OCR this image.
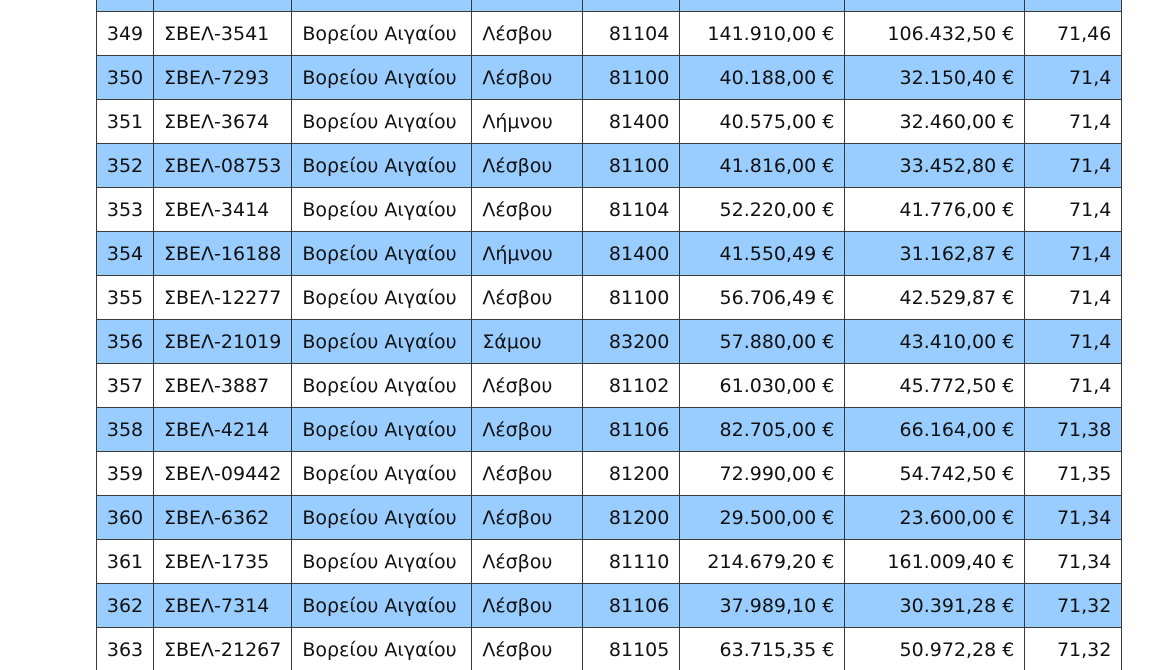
349	ΣΒΕΛ-3541	Βορείου Αιγαίου	Λέσβου	81104	141.910,00 €	106.432,50 €	71,46
350	ΣΒΕΛ-7293	Βορείου Αιγαίου	Λέσβου	81100	40.188,00 €	32.150,40 €	71,4
351	ΣΒΕΛ-3674	Βορείου Αιγαίου	Λήμνου	81400	40.575,00 €	32.460,00 €	71,4
352	ΣΒΕΛ-08753	Βορείου Αιγαίου	Λέσβου	81100	41.816,00 €	33.452,80 €	71,4
353	ΣΒΕΛ-3414	Βορείου Αιγαίου	Λέσβου	81104	52.220,00 €	41.776,00 €	71,4
354	ΣΒΕΛ-16188	Βορείου Αιγαίου	Λήμνου	81400	41.550,49 €	31.162,87 €	71,4
355	ΣΒΕΛ-12277	Βορείου Αιγαίου	Λέσβου	81100	56.706,49 €	42.529,87 €	71,4
356	ΣΒΕΛ-21019	Βορείου Αιγαίου	Σάμου	83200	57.880,00 €	43.410,00 €	71,4
357	ΣΒΕΛ-3887	Βορείου Αιγαίου	Λέσβου	81102	61.030,00 €	45.772,50 €	71,4
358	ΣΒΕΛ-4214	Βορείου Αιγαίου	Λέσβου	81106	82.705,00 €	66.164,00 €	71,38
359	ΣΒΕΛ-09442	Βορείου Αιγαίου	Λέσβου	81200	72.990,00 €	54.742,50 €	71,35
360	ΣΒΕΛ-6362	Βορείου Αιγαίου	Λέσβου	81200	29.500,00 €	23.600,00 €	71,34
361	ΣΒΕΛ-1735	Βορείου Αιγαίου	Λέσβου	81110	214.679,20 €	161.009,40 €	71,34
362	ΣΒΕΛ-7314	Βορείου Αιγαίου	Λέσβου	81106	37.989,10 €	30.391,28 €	71,32
363	ΣΒΕΛ-21267	Βορείου Αιγαίου	Λέσβου	81105	63.715,35 €	50.972,28 €	71,32
